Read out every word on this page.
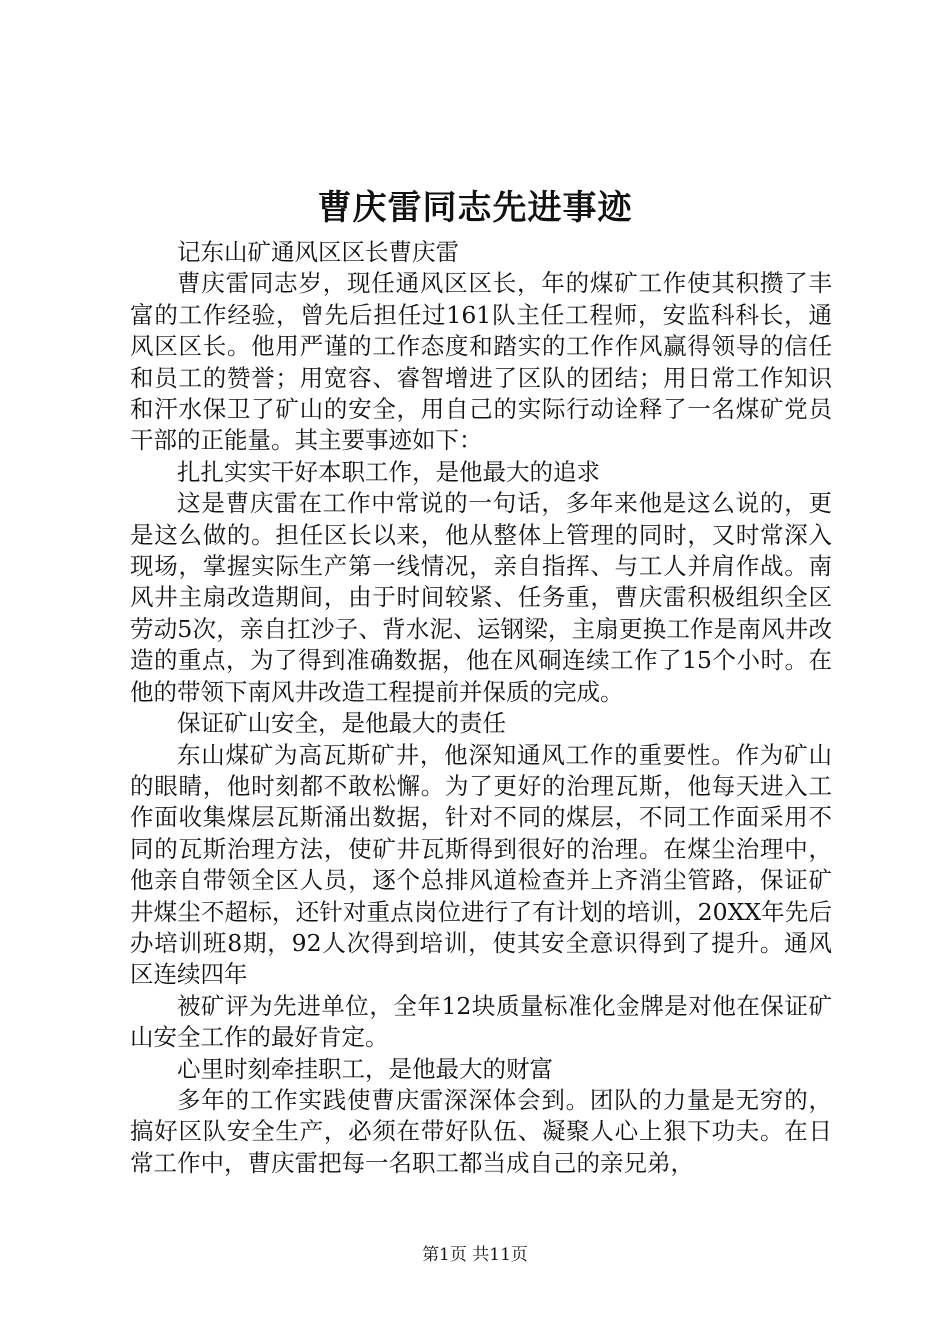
曹庆雷同志先进事迹

记东山矿通风区区长曹庆雷

曹庆雷同志岁，现任通风区区长，年的煤矿工作使其积攒了丰富的工作经验，曾先后担任过161队主任工程师，安监科科长，通风区区长。他用严谨的工作态度和踏实的工作作风赢得领导的信任和员工的赞誉；用宽容、睿智增进了区队的团结；用日常工作知识和汗水保卫了矿山的安全，用自己的实际行动诠释了一名煤矿党员干部的正能量。其主要事迹如下：

扎扎实实干好本职工作，是他最大的追求

这是曹庆雷在工作中常说的一句话，多年来他是这么说的，更是这么做的。担任区长以来，他从整体上管理的同时，又时常深入现场，掌握实际生产第一线情况，亲自指挥、与工人并肩作战。南风井主扇改造期间，由于时间较紧、任务重，曹庆雷积极组织全区劳动5次，亲自扛沙子、背水泥、运钢梁，主扇更换工作是南风井改造的重点，为了得到准确数据，他在风硐连续工作了15个小时。在他的带领下南风井改造工程提前并保质的完成。

保证矿山安全，是他最大的责任

东山煤矿为高瓦斯矿井，他深知通风工作的重要性。作为矿山的眼睛，他时刻都不敢松懈。为了更好的治理瓦斯，他每天进入工作面收集煤层瓦斯涌出数据，针对不同的煤层，不同工作面采用不同的瓦斯治理方法，使矿井瓦斯得到很好的治理。在煤尘治理中，他亲自带领全区人员，逐个总排风道检查并上齐消尘管路，保证矿井煤尘不超标，还针对重点岗位进行了有计划的培训，20XX年先后办培训班8期，92人次得到培训，使其安全意识得到了提升。通风区连续四年

被矿评为先进单位，全年12块质量标准化金牌是对他在保证矿山安全工作的最好肯定。

心里时刻牵挂职工，是他最大的财富

多年的工作实践使曹庆雷深深体会到。团队的力量是无穷的，搞好区队安全生产，必须在带好队伍、凝聚人心上狠下功夫。在日常工作中，曹庆雷把每一名职工都当成自己的亲兄弟，

第1页 共11页
